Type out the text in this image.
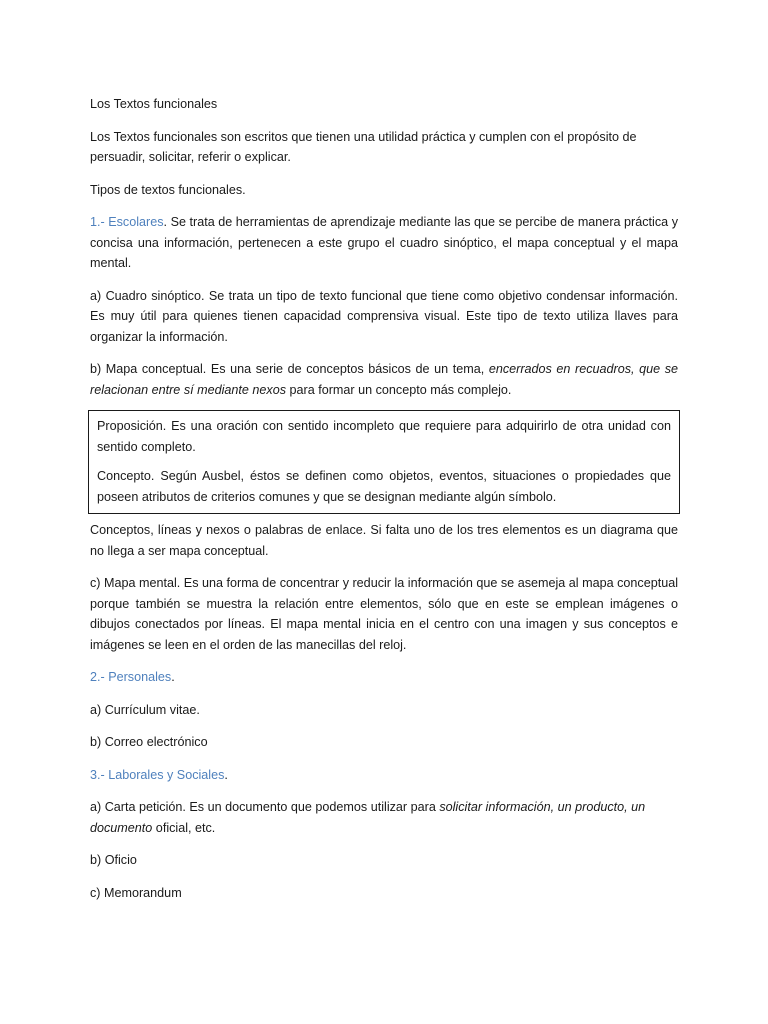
Los Textos funcionales

Los Textos funcionales son escritos que tienen una utilidad práctica y cumplen con el propósito de persuadir, solicitar, referir o explicar.

Tipos de textos funcionales.

1.- Escolares. Se trata de herramientas de aprendizaje mediante las que se percibe de manera práctica y concisa una información, pertenecen a este grupo el cuadro sinóptico, el mapa conceptual y el mapa mental.

a) Cuadro sinóptico. Se trata un tipo de texto funcional que tiene como objetivo condensar información. Es muy útil para quienes tienen capacidad comprensiva visual. Este tipo de texto utiliza llaves para organizar la información.

b) Mapa conceptual. Es una serie de conceptos básicos de un tema, encerrados en recuadros, que se relacionan entre sí mediante nexos para formar un concepto más complejo.

Proposición. Es una oración con sentido incompleto que requiere para adquirirlo de otra unidad con sentido completo.

Concepto. Según Ausbel, éstos se definen como objetos, eventos, situaciones o propiedades que poseen atributos de criterios comunes y que se designan mediante algún símbolo.

Conceptos, líneas y nexos o palabras de enlace. Si falta uno de los tres elementos es un diagrama que no llega a ser mapa conceptual.

c) Mapa mental. Es una forma de concentrar y reducir la información que se asemeja al mapa conceptual porque también se muestra la relación entre elementos, sólo que en este se emplean imágenes o dibujos conectados por líneas. El mapa mental inicia en el centro con una imagen y sus conceptos e imágenes se leen en el orden de las manecillas del reloj.

2.- Personales.

a) Currículum vitae.

b) Correo electrónico

3.- Laborales y Sociales.

a) Carta petición. Es un documento que podemos utilizar para solicitar información, un producto, un documento oficial, etc.

b) Oficio

c) Memorandum
